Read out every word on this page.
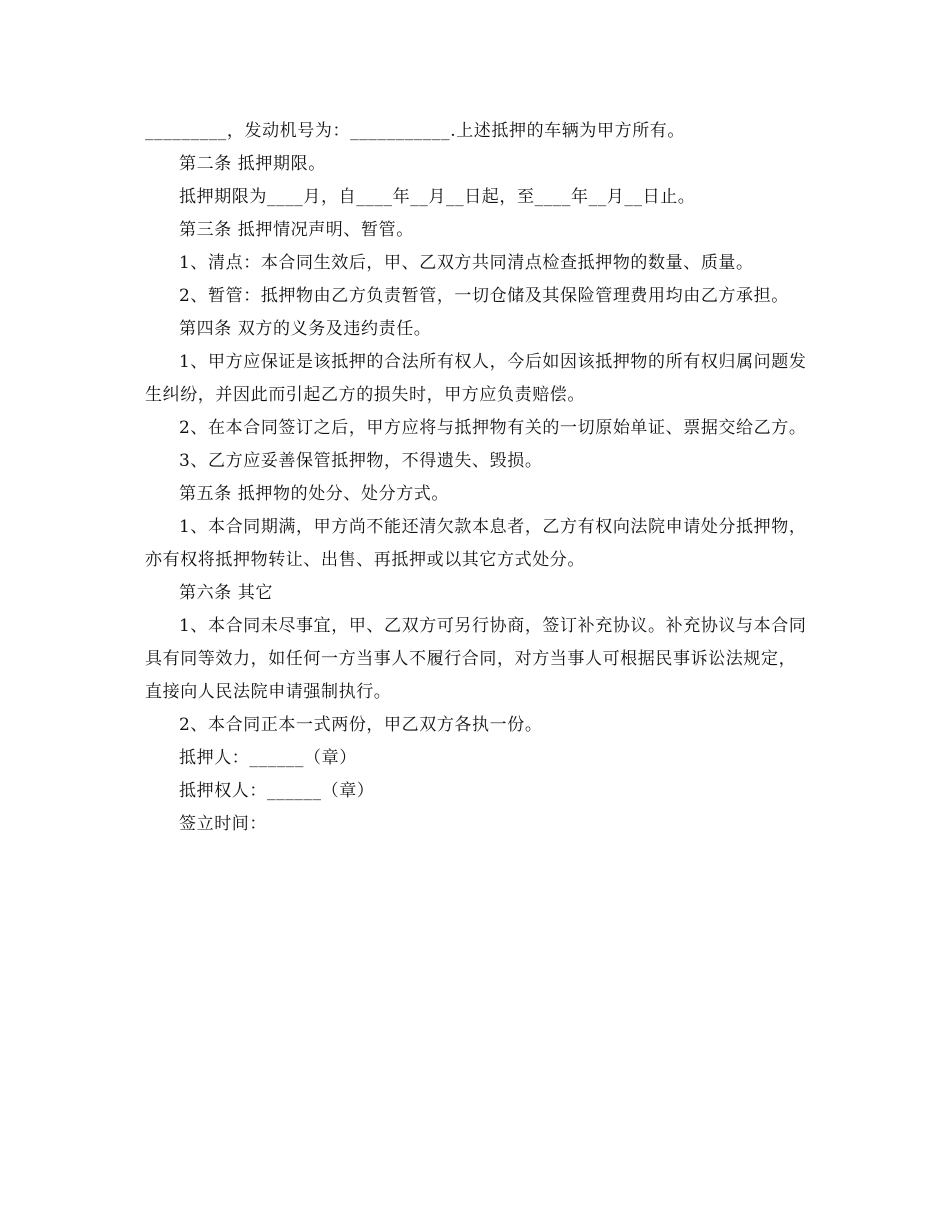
_________，发动机号为：___________.上述抵押的车辆为甲方所有。

第二条 抵押期限。

抵押期限为____月，自____年__月__日起，至____年__月__日止。

第三条 抵押情况声明、暂管。

1、清点：本合同生效后，甲、乙双方共同清点检查抵押物的数量、质量。

2、暂管：抵押物由乙方负责暂管，一切仓储及其保险管理费用均由乙方承担。

第四条 双方的义务及违约责任。

1、甲方应保证是该抵押的合法所有权人，今后如因该抵押物的所有权归属问题发生纠纷，并因此而引起乙方的损失时，甲方应负责赔偿。

2、在本合同签订之后，甲方应将与抵押物有关的一切原始单证、票据交给乙方。

3、乙方应妥善保管抵押物，不得遗失、毁损。

第五条 抵押物的处分、处分方式。

1、本合同期满，甲方尚不能还清欠款本息者，乙方有权向法院申请处分抵押物，亦有权将抵押物转让、出售、再抵押或以其它方式处分。

第六条 其它

1、本合同未尽事宜，甲、乙双方可另行协商，签订补充协议。补充协议与本合同具有同等效力，如任何一方当事人不履行合同，对方当事人可根据民事诉讼法规定，直接向人民法院申请强制执行。

2、本合同正本一式两份，甲乙双方各执一份。

抵押人：______（章）

抵押权人：______（章）

签立时间：
